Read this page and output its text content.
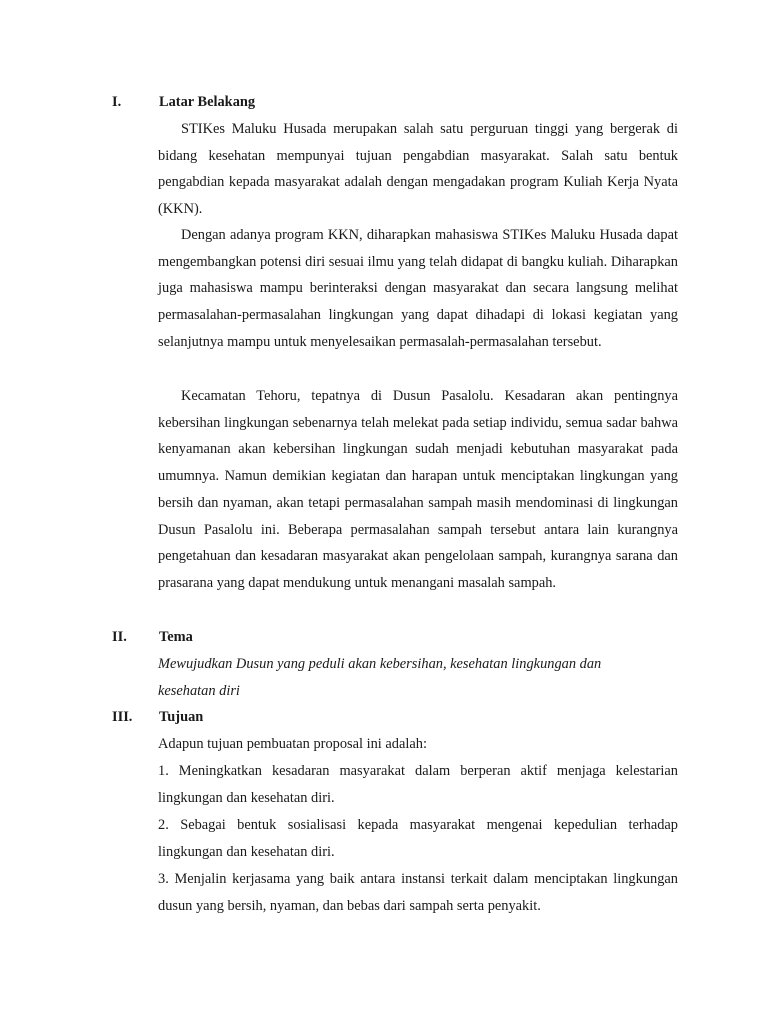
I.	Latar Belakang

STIKes Maluku Husada merupakan salah satu perguruan tinggi yang bergerak di bidang kesehatan mempunyai tujuan pengabdian masyarakat. Salah satu bentuk pengabdian kepada masyarakat adalah dengan mengadakan program Kuliah Kerja Nyata (KKN).

Dengan adanya program KKN, diharapkan mahasiswa STIKes Maluku Husada dapat mengembangkan potensi diri sesuai ilmu yang telah didapat di bangku kuliah. Diharapkan juga mahasiswa mampu berinteraksi dengan masyarakat dan secara langsung melihat permasalahan-permasalahan lingkungan yang dapat dihadapi di lokasi kegiatan yang selanjutnya mampu untuk menyelesaikan permasalah-permasalahan tersebut.

Kecamatan Tehoru, tepatnya di Dusun Pasalolu. Kesadaran akan pentingnya kebersihan lingkungan sebenarnya telah melekat pada setiap individu, semua sadar bahwa kenyamanan akan kebersihan lingkungan sudah menjadi kebutuhan masyarakat pada umumnya. Namun demikian kegiatan dan harapan untuk menciptakan lingkungan yang bersih dan nyaman, akan tetapi permasalahan sampah masih mendominasi di lingkungan Dusun Pasalolu ini. Beberapa permasalahan sampah tersebut antara lain kurangnya pengetahuan dan kesadaran masyarakat akan pengelolaan sampah, kurangnya sarana dan prasarana yang dapat mendukung untuk menangani masalah sampah.

II. Tema

Mewujudkan Dusun yang peduli akan kebersihan, kesehatan lingkungan dan kesehatan diri

III. Tujuan

Adapun tujuan pembuatan proposal ini adalah:

1. Meningkatkan kesadaran masyarakat dalam berperan aktif menjaga kelestarian lingkungan dan kesehatan diri.

2. Sebagai bentuk sosialisasi kepada masyarakat mengenai kepedulian terhadap lingkungan dan kesehatan diri.

3. Menjalin kerjasama yang baik antara instansi terkait dalam menciptakan lingkungan dusun yang bersih, nyaman, dan bebas dari sampah serta penyakit.
